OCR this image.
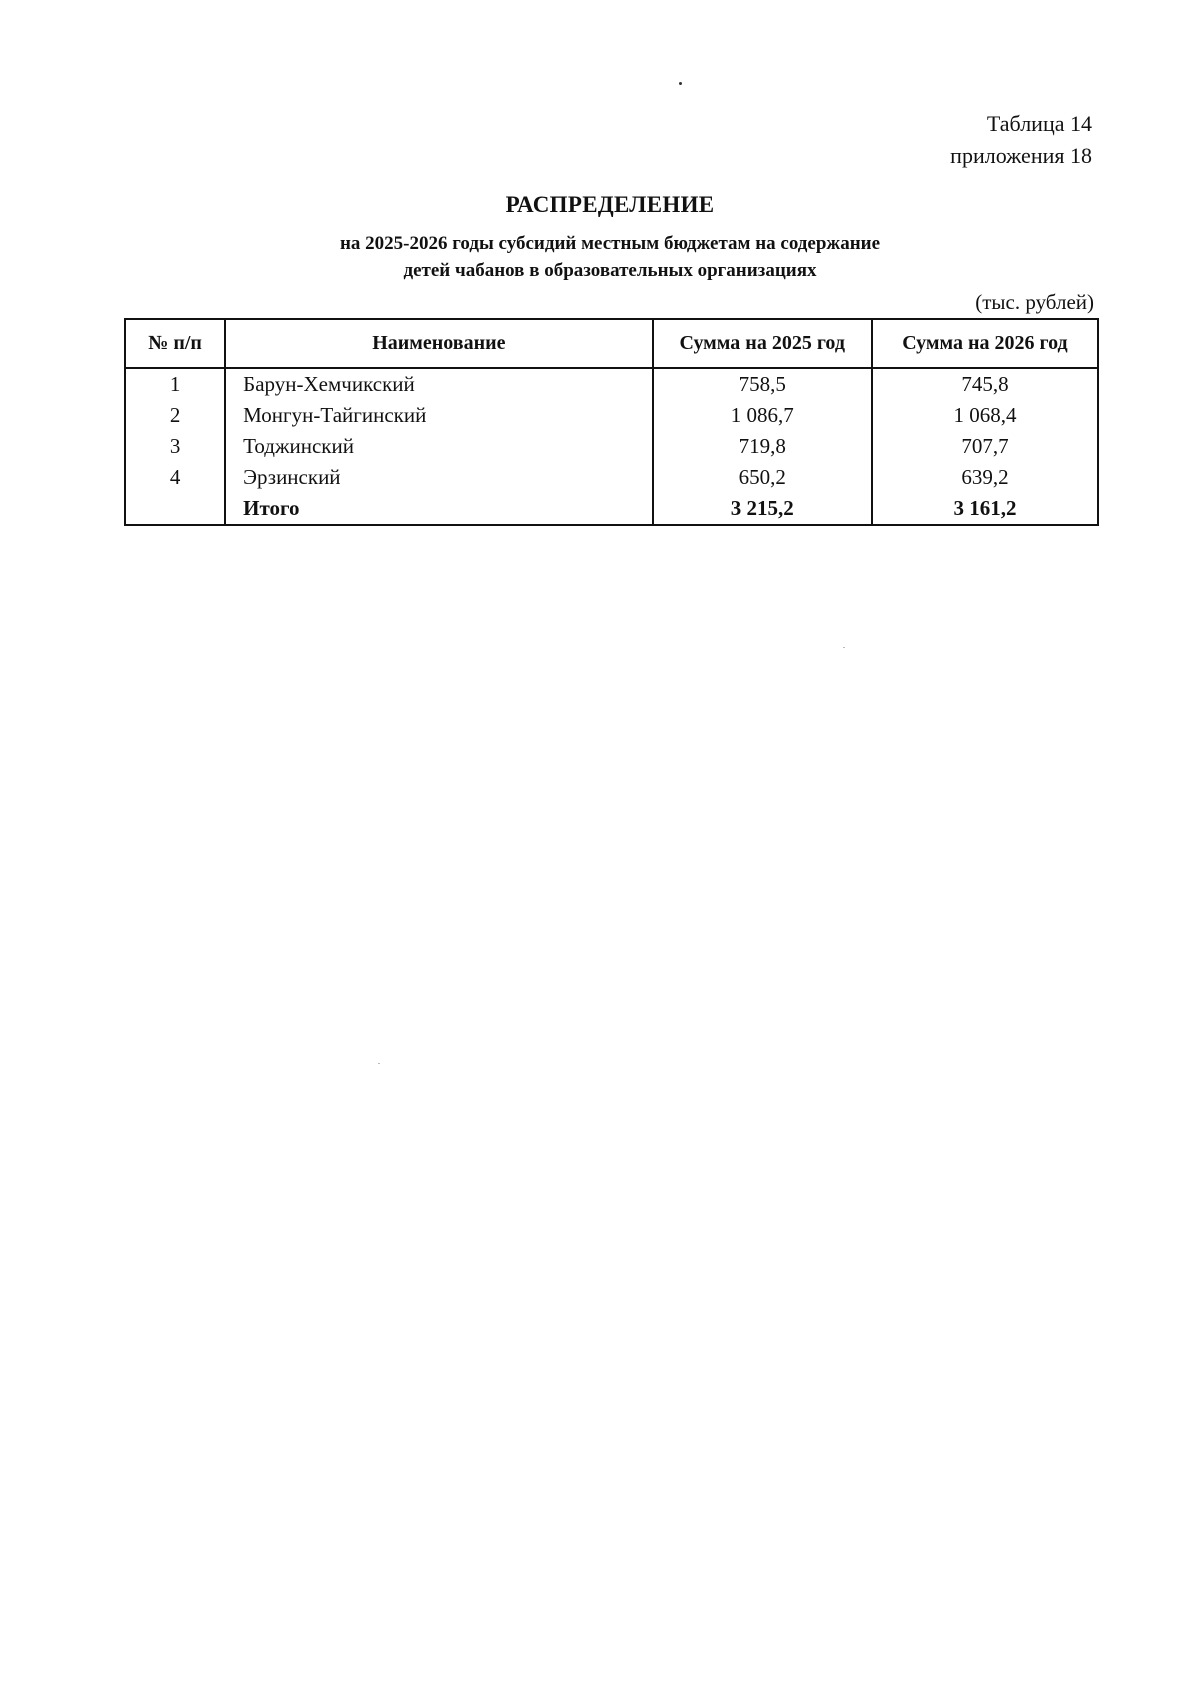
Таблица 14
приложения 18
РАСПРЕДЕЛЕНИЕ
на 2025-2026 годы субсидий местным бюджетам на содержание
детей чабанов в образовательных организациях
(тыс. рублей)
№ п/п	Наименование	Сумма на 2025 год	Сумма на 2026 год
1	Барун-Хемчикский	758,5	745,8
2	Монгун-Тайгинский	1 086,7	1 068,4
3	Тоджинский	719,8	707,7
4	Эрзинский	650,2	639,2
	Итого	3 215,2	3 161,2
